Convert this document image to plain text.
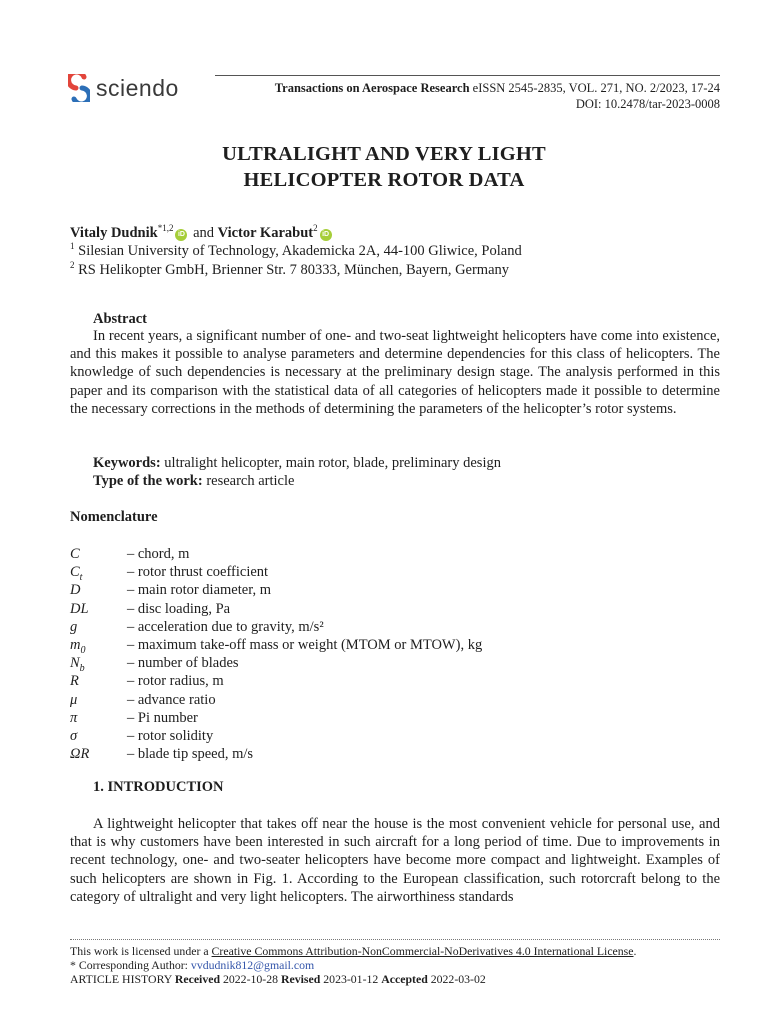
sciendo	Transactions on Aerospace Research eISSN 2545-2835, VOL. 271, NO. 2/2023, 17-24
DOI: 10.2478/tar-2023-0008
ULTRALIGHT AND VERY LIGHT
HELICOPTER ROTOR DATA
Vitaly Dudnik$^{*1,2}$iD and Victor Karabut$^2$iD
$^1$ Silesian University of Technology, Akademicka 2A, 44-100 Gliwice, Poland
$^2$ RS Helikopter GmbH, Brienner Str. 7 80333, München, Bayern, Germany
Abstract
In recent years, a significant number of one- and two-seat lightweight helicopters have come into existence, and this makes it possible to analyse parameters and determine dependencies for this class of helicopters. The knowledge of such dependencies is necessary at the preliminary design stage. The analysis performed in this paper and its comparison with the statistical data of all categories of helicopters made it possible to determine the necessary corrections in the methods of determining the parameters of the helicopter’s rotor systems.
Keywords: ultralight helicopter, main rotor, blade, preliminary design
Type of the work: research article
Nomenclature
C	– chord, m
$C_t$	– rotor thrust coefficient
D	– main rotor diameter, m
DL	– disc loading, Pa
g	– acceleration due to gravity, m/s²
$m_0$	– maximum take-off mass or weight (MTOM or MTOW), kg
$N_b$	– number of blades
R	– rotor radius, m
μ	– advance ratio
π	– Pi number
σ	– rotor solidity
ΩR	– blade tip speed, m/s
1. INTRODUCTION
A lightweight helicopter that takes off near the house is the most convenient vehicle for personal use, and that is why customers have been interested in such aircraft for a long period of time. Due to improvements in recent technology, one- and two-seater helicopters have become more compact and lightweight. Examples of such helicopters are shown in Fig. 1. According to the European classification, such rotorcraft belong to the category of ultralight and very light helicopters. The airworthiness standards
This work is licensed under a Creative Commons Attribution-NonCommercial-NoDerivatives 4.0 International License.
* Corresponding Author: vvdudnik812@gmail.com
ARTICLE HISTORY Received 2022-10-28 Revised 2023-01-12 Accepted 2022-03-02
